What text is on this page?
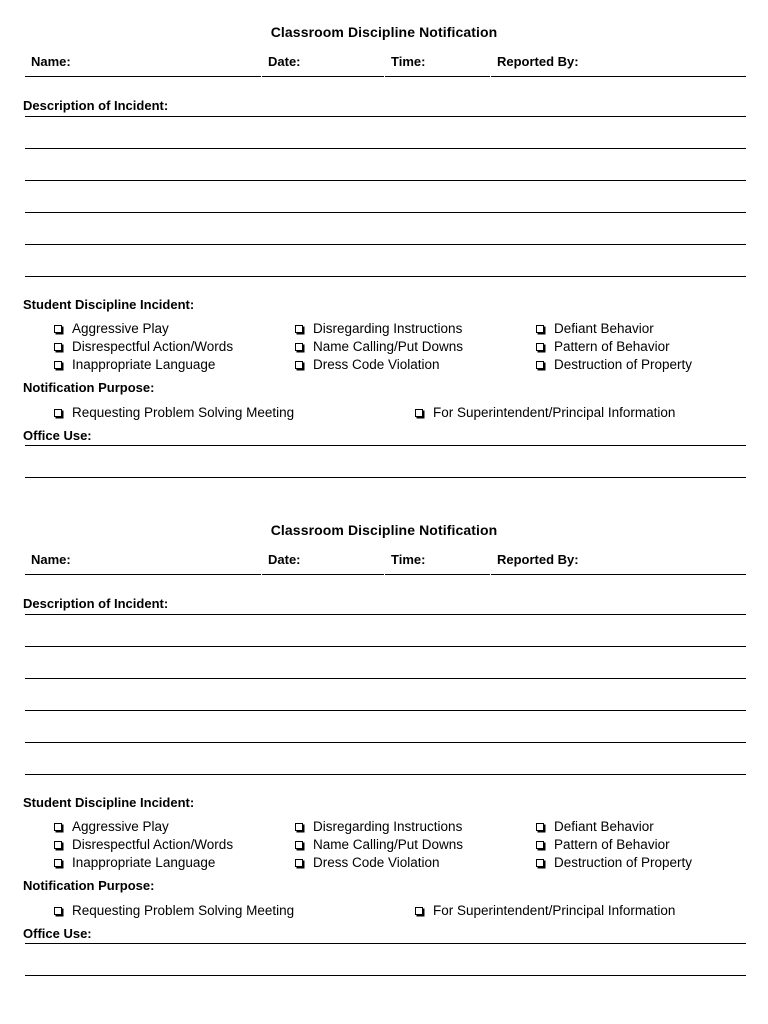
Classroom Discipline Notification
Name:	Date:	Time:	Reported By:
Description of Incident:
Student Discipline Incident:
Aggressive Play	Disregarding Instructions	Defiant Behavior
Disrespectful Action/Words	Name Calling/Put Downs	Pattern of Behavior
Inappropriate Language	Dress Code Violation	Destruction of Property
Notification Purpose:
Requesting Problem Solving Meeting	For Superintendent/Principal Information
Office Use:
Classroom Discipline Notification
Name:	Date:	Time:	Reported By:
Description of Incident:
Student Discipline Incident:
Aggressive Play	Disregarding Instructions	Defiant Behavior
Disrespectful Action/Words	Name Calling/Put Downs	Pattern of Behavior
Inappropriate Language	Dress Code Violation	Destruction of Property
Notification Purpose:
Requesting Problem Solving Meeting	For Superintendent/Principal Information
Office Use:
